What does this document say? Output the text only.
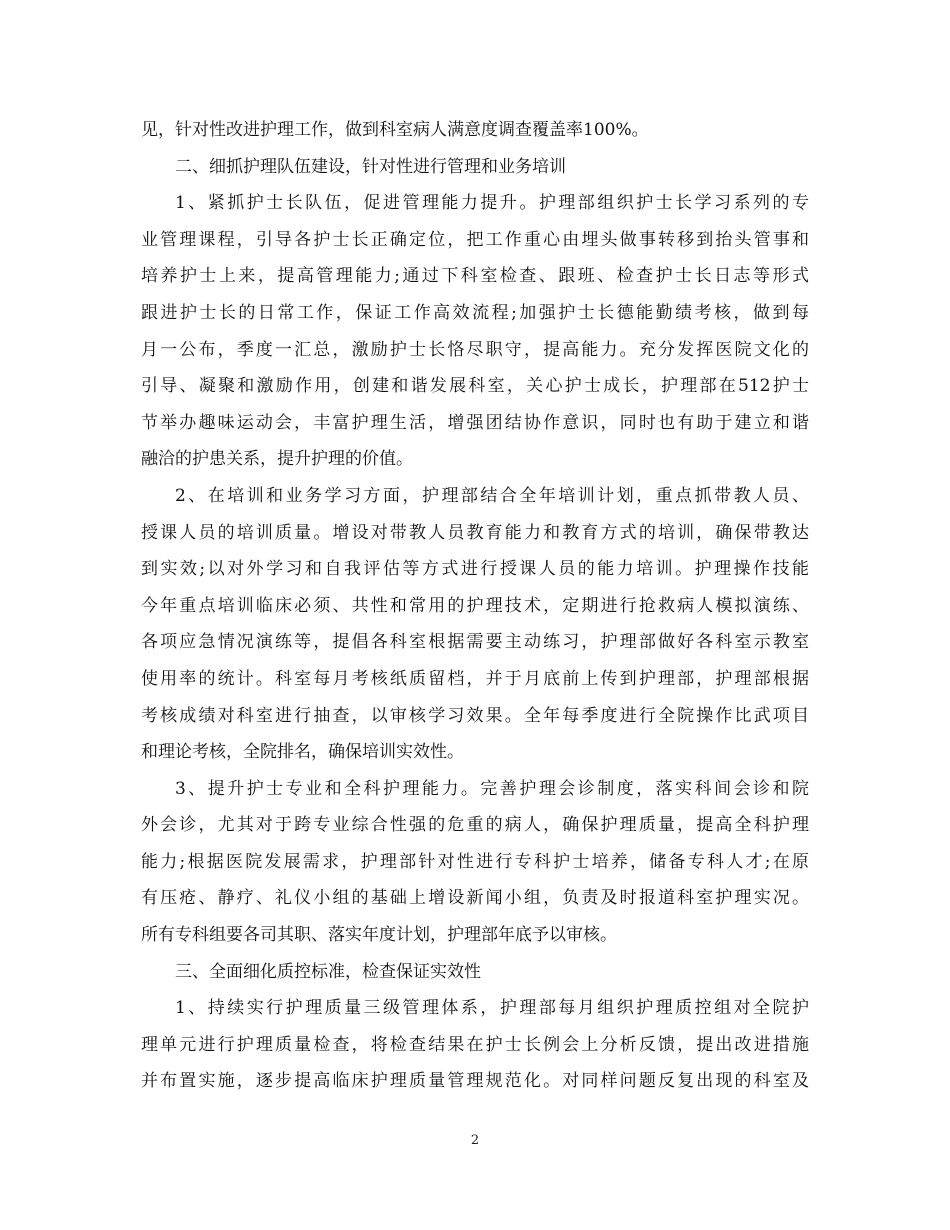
见，针对性改进护理工作，做到科室病人满意度调查覆盖率100%。
二、细抓护理队伍建设，针对性进行管理和业务培训
1、紧抓护士长队伍，促进管理能力提升。护理部组织护士长学习系列的专
业管理课程，引导各护士长正确定位，把工作重心由埋头做事转移到抬头管事和
培养护士上来，提高管理能力;通过下科室检查、跟班、检查护士长日志等形式
跟进护士长的日常工作，保证工作高效流程;加强护士长德能勤绩考核，做到每
月一公布，季度一汇总，激励护士长恪尽职守，提高能力。充分发挥医院文化的
引导、凝聚和激励作用，创建和谐发展科室，关心护士成长，护理部在512护士
节举办趣味运动会，丰富护理生活，增强团结协作意识，同时也有助于建立和谐
融洽的护患关系，提升护理的价值。
2、在培训和业务学习方面，护理部结合全年培训计划，重点抓带教人员、
授课人员的培训质量。增设对带教人员教育能力和教育方式的培训，确保带教达
到实效;以对外学习和自我评估等方式进行授课人员的能力培训。护理操作技能
今年重点培训临床必须、共性和常用的护理技术，定期进行抢救病人模拟演练、
各项应急情况演练等，提倡各科室根据需要主动练习，护理部做好各科室示教室
使用率的统计。科室每月考核纸质留档，并于月底前上传到护理部，护理部根据
考核成绩对科室进行抽查，以审核学习效果。全年每季度进行全院操作比武项目
和理论考核，全院排名，确保培训实效性。
3、提升护士专业和全科护理能力。完善护理会诊制度，落实科间会诊和院
外会诊，尤其对于跨专业综合性强的危重的病人，确保护理质量，提高全科护理
能力;根据医院发展需求，护理部针对性进行专科护士培养，储备专科人才;在原
有压疮、静疗、礼仪小组的基础上增设新闻小组，负责及时报道科室护理实况。
所有专科组要各司其职、落实年度计划，护理部年底予以审核。
三、全面细化质控标准，检查保证实效性
1、持续实行护理质量三级管理体系，护理部每月组织护理质控组对全院护
理单元进行护理质量检查，将检查结果在护士长例会上分析反馈，提出改进措施
并布置实施，逐步提高临床护理质量管理规范化。对同样问题反复出现的科室及
2
